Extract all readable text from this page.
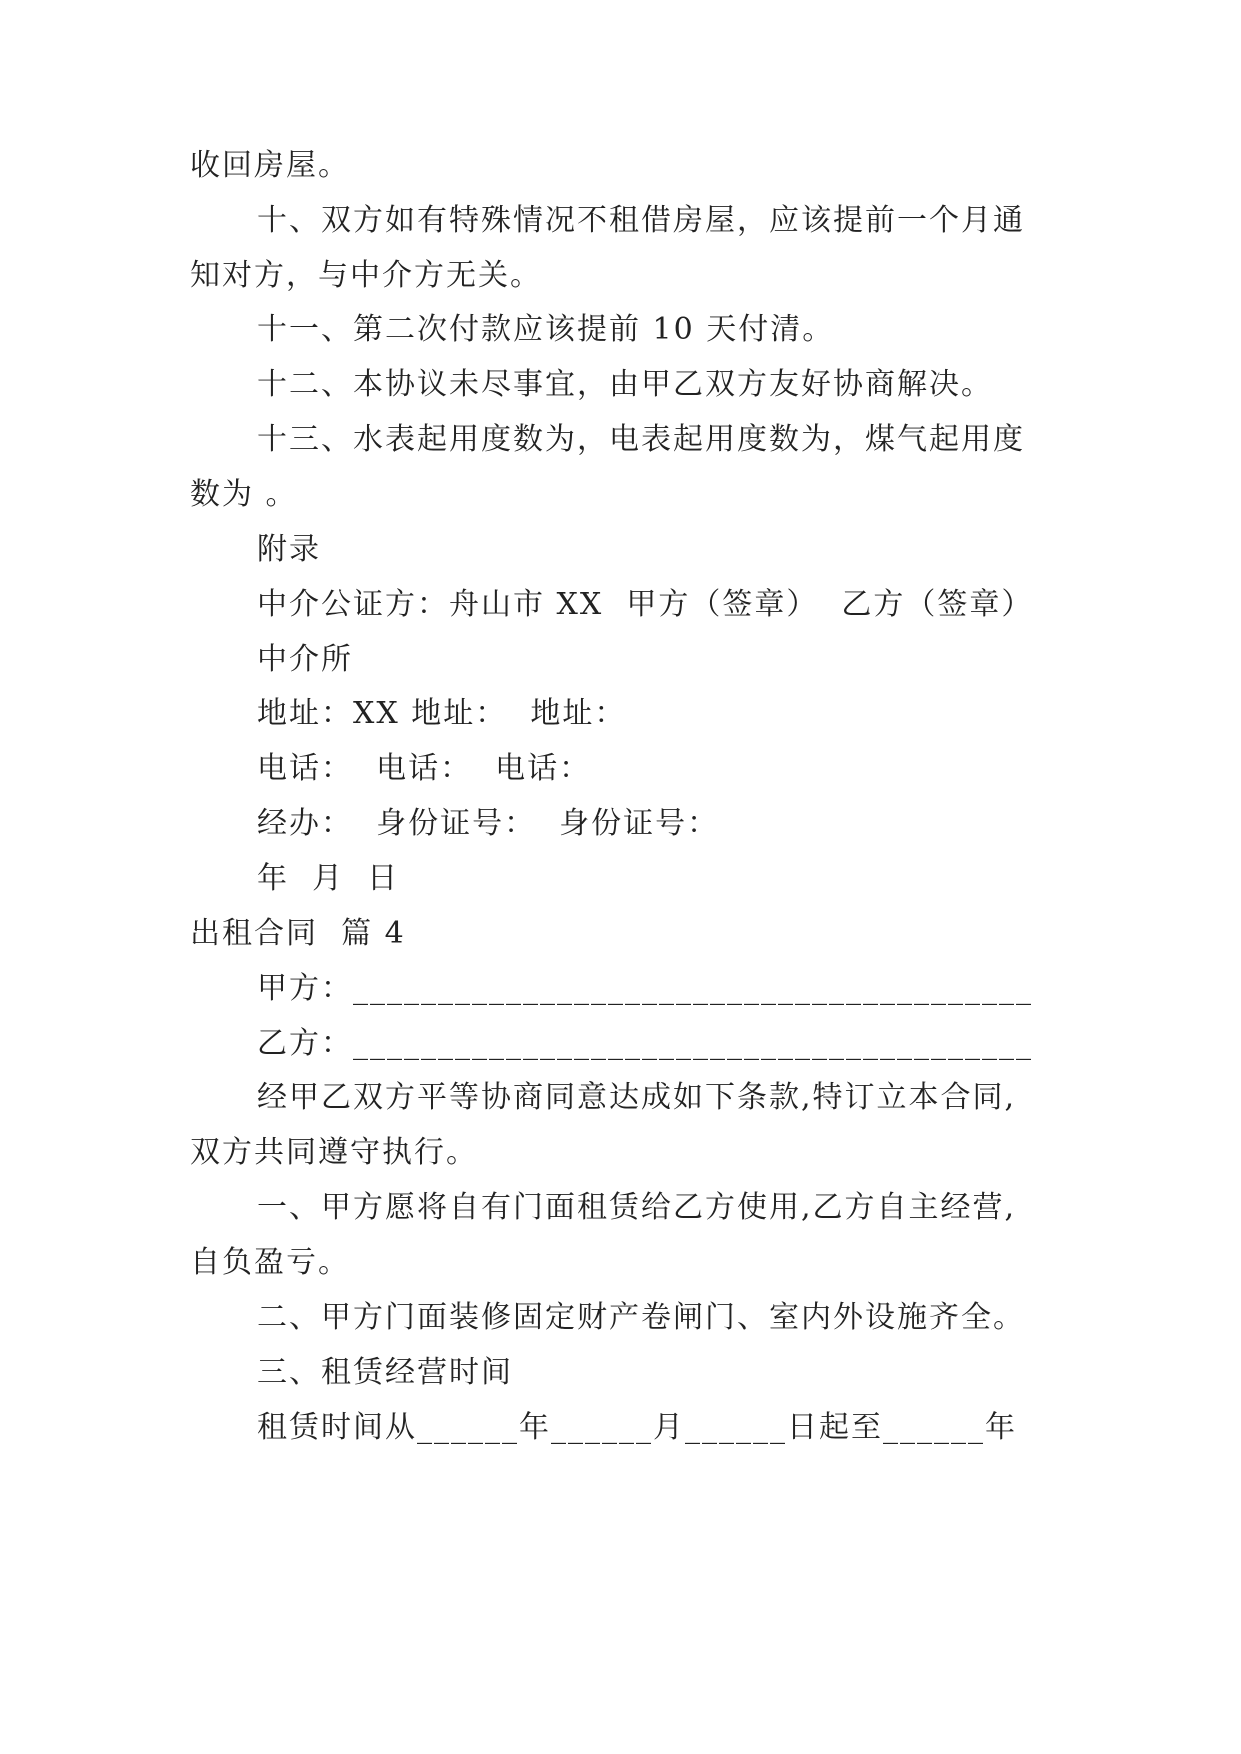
收回房屋。
十、双方如有特殊情况不租借房屋，应该提前一个月通
知对方，与中介方无关。
十一、第二次付款应该提前 10 天付清。
十二、本协议未尽事宜，由甲乙双方友好协商解决。
十三、水表起用度数为，电表起用度数为，煤气起用度
数为 。
附录
中介公证方：舟山市 XX  甲方（签章）  乙方（签章）
中介所
地址：XX 地址：  地址：
电话：  电话：  电话：
经办：  身份证号：  身份证号：
年  月  日
出租合同  篇 4
甲方：________________________________________
乙方：________________________________________
经甲乙双方平等协商同意达成如下条款,特订立本合同,
双方共同遵守执行。
一、甲方愿将自有门面租赁给乙方使用,乙方自主经营,
自负盈亏。
二、甲方门面装修固定财产卷闸门、室内外设施齐全。
三、租赁经营时间
租赁时间从______年______月______日起至______年
